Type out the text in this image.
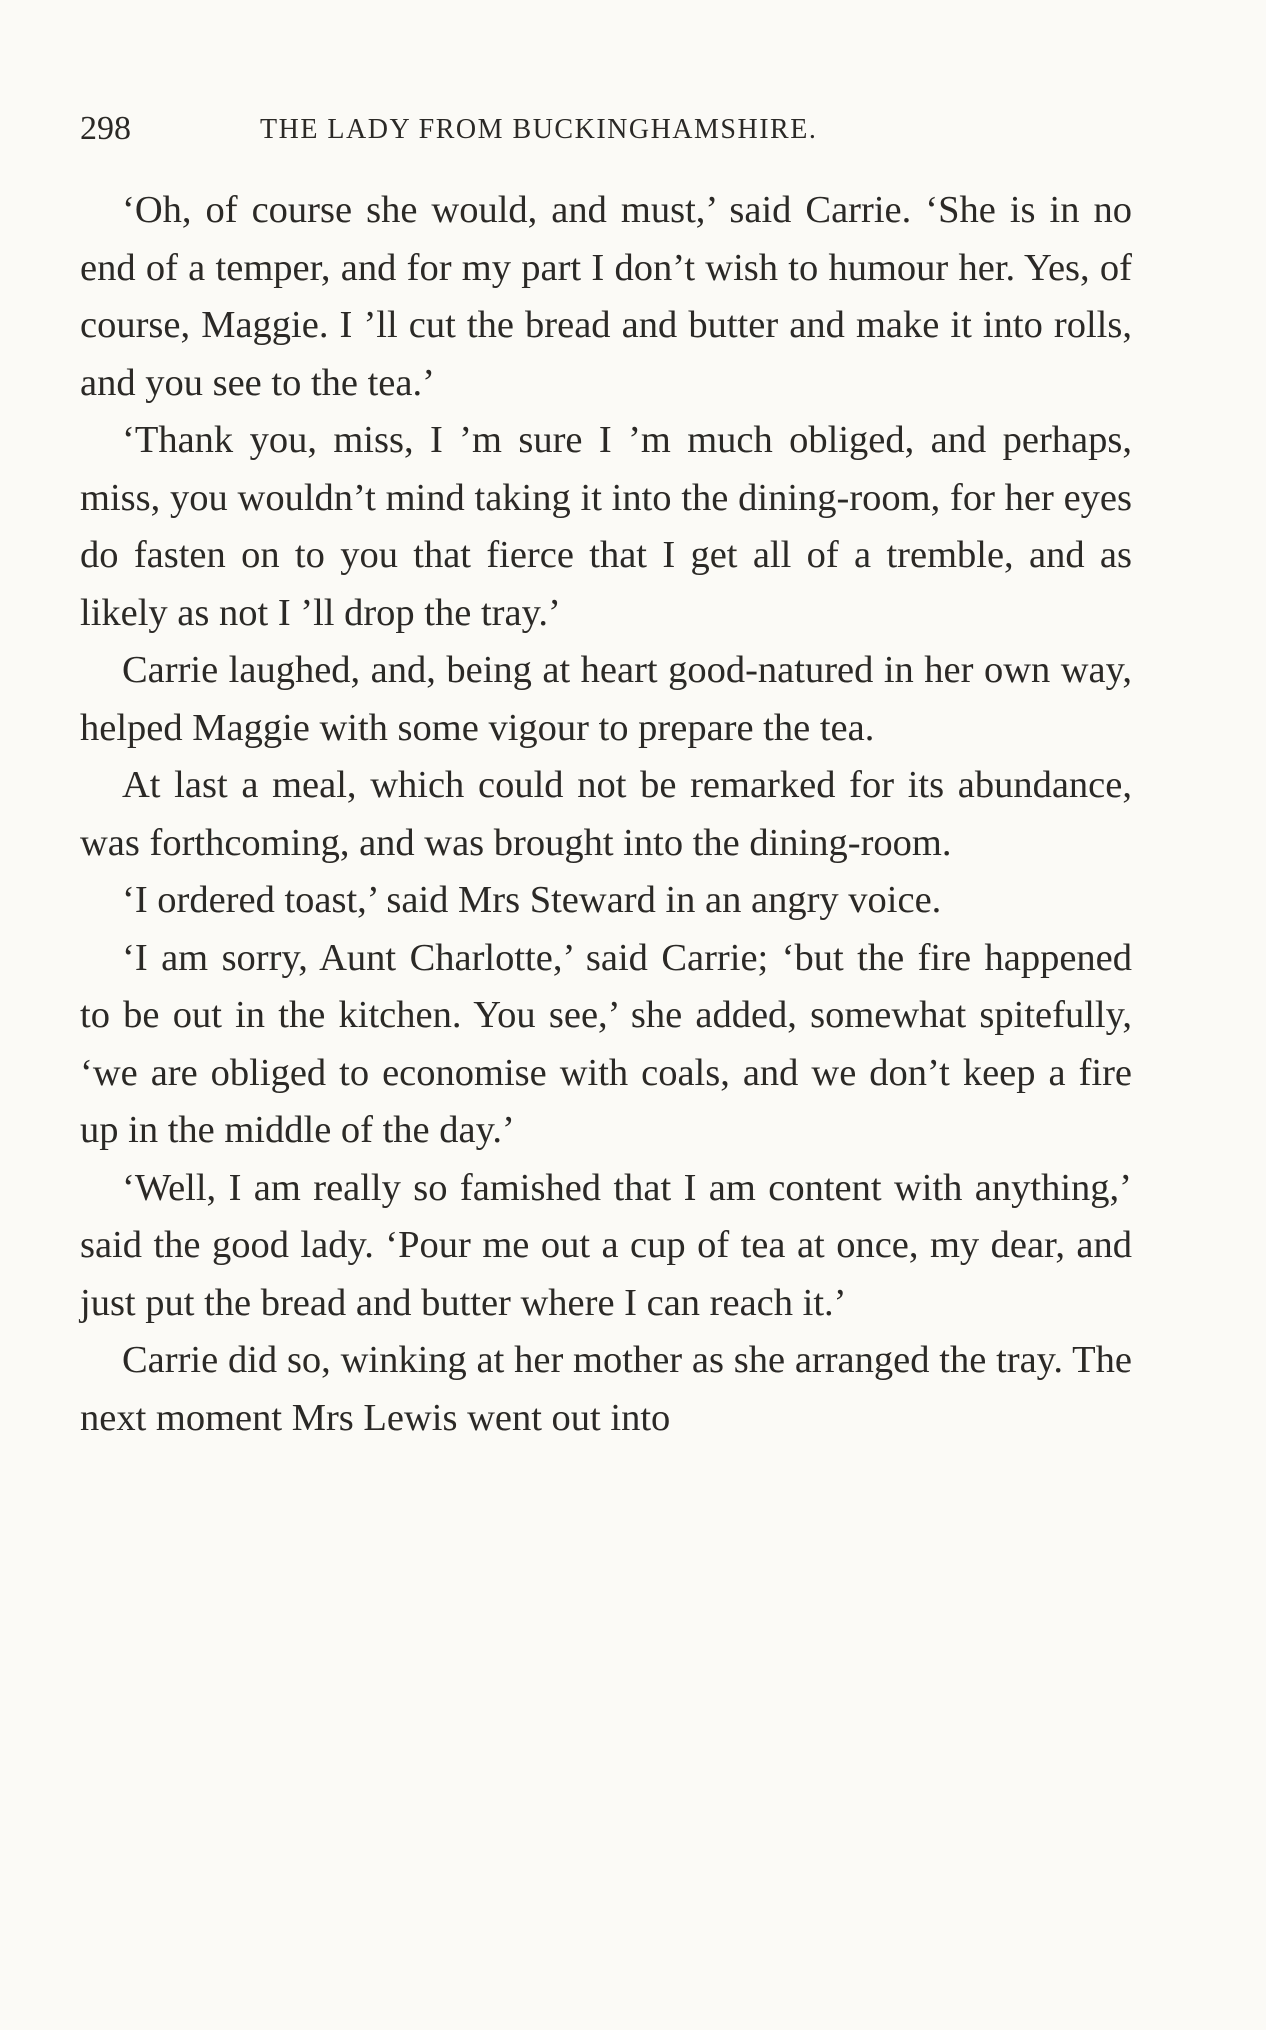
298	THE LADY FROM BUCKINGHAMSHIRE.

‘Oh, of course she would, and must,’ said Carrie. ‘She is in no end of a temper, and for my part I don’t wish to humour her. Yes, of course, Maggie. I ’ll cut the bread and butter and make it into rolls, and you see to the tea.’

‘Thank you, miss, I ’m sure I ’m much obliged, and perhaps, miss, you wouldn’t mind taking it into the dining-room, for her eyes do fasten on to you that fierce that I get all of a tremble, and as likely as not I ’ll drop the tray.’

Carrie laughed, and, being at heart good-natured in her own way, helped Maggie with some vigour to prepare the tea.

At last a meal, which could not be remarked for its abundance, was forthcoming, and was brought into the dining-room.

‘I ordered toast,’ said Mrs Steward in an angry voice.

‘I am sorry, Aunt Charlotte,’ said Carrie; ‘but the fire happened to be out in the kitchen. You see,’ she added, somewhat spitefully, ‘we are obliged to economise with coals, and we don’t keep a fire up in the middle of the day.’

‘Well, I am really so famished that I am content with anything,’ said the good lady. ‘Pour me out a cup of tea at once, my dear, and just put the bread and butter where I can reach it.’

Carrie did so, winking at her mother as she arranged the tray. The next moment Mrs Lewis went out into
